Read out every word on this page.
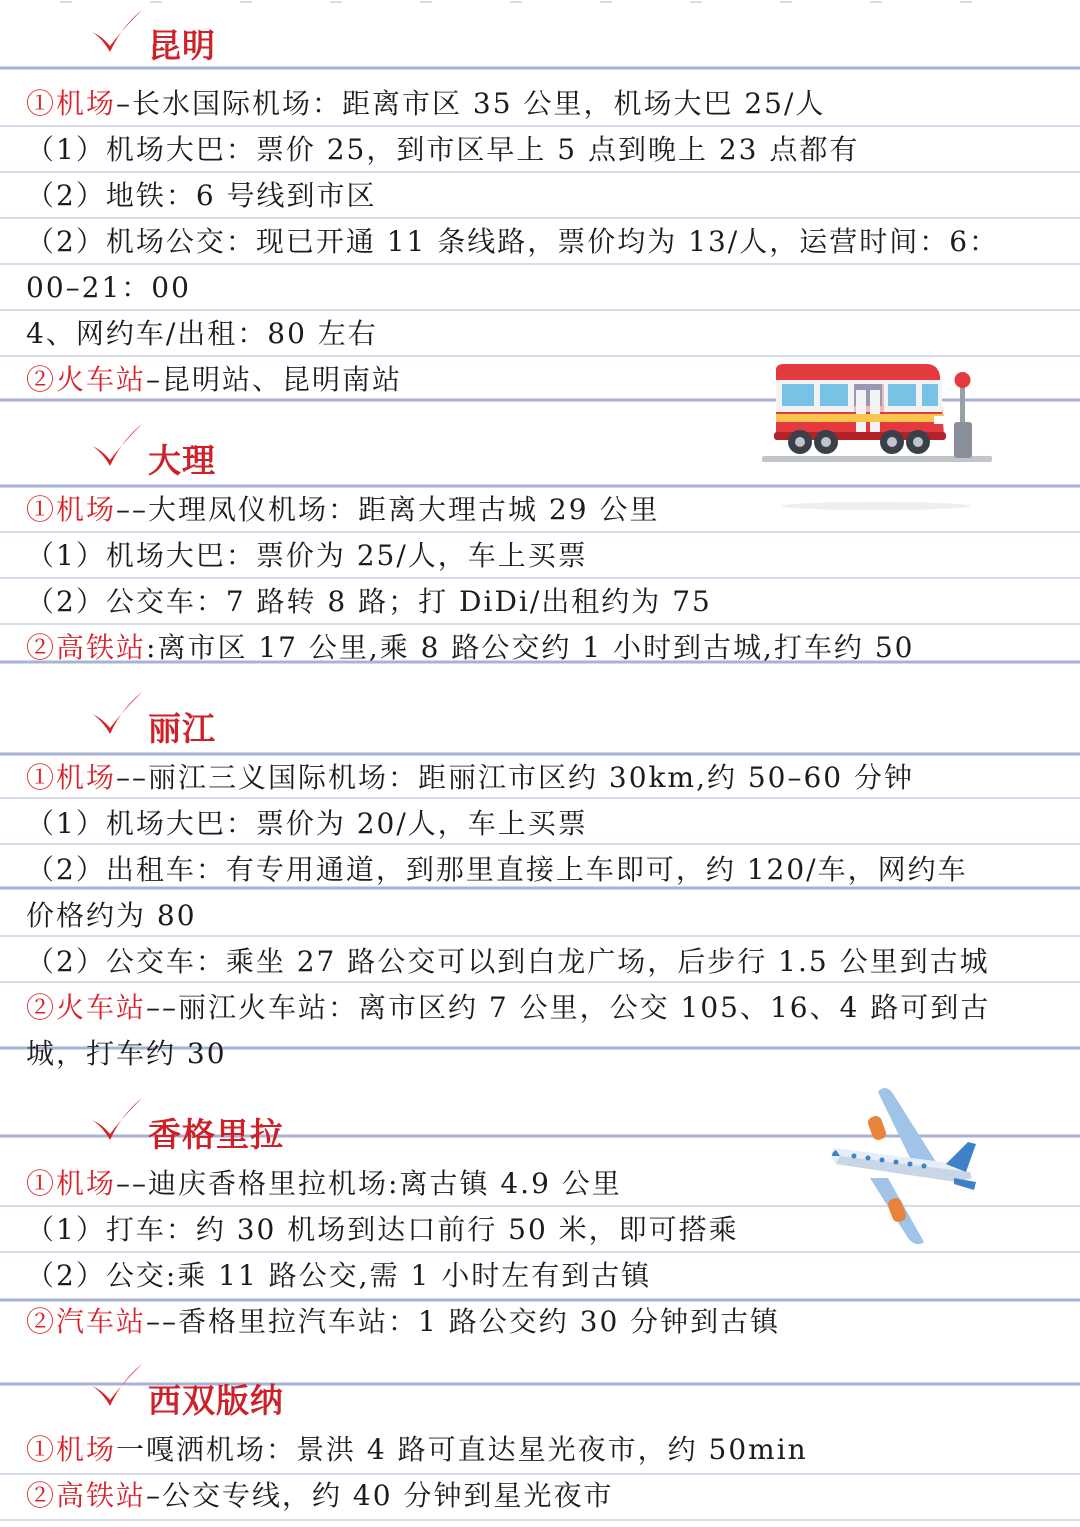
昆明
①机场–长水国际机场：距离市区 35 公里，机场大巴 25/人
（1）机场大巴：票价 25，到市区早上 5 点到晚上 23 点都有
（2）地铁：6 号线到市区
（2）机场公交：现已开通 11 条线路，票价均为 13/人，运营时间：6：
00–21：00
4、网约车/出租：80 左右
②火车站–昆明站、昆明南站
大理
①机场––大理凤仪机场：距离大理古城 29 公里
（1）机场大巴：票价为 25/人，车上买票
（2）公交车：7 路转 8 路；打 DiDi/出租约为 75
②高铁站:离市区 17 公里,乘 8 路公交约 1 小时到古城,打车约 50
丽江
①机场––丽江三义国际机场：距丽江市区约 30km,约 50–60 分钟
（1）机场大巴：票价为 20/人，车上买票
（2）出租车：有专用通道，到那里直接上车即可，约 120/车，网约车
价格约为 80
（2）公交车：乘坐 27 路公交可以到白龙广场，后步行 1.5 公里到古城
②火车站––丽江火车站：离市区约 7 公里，公交 105、16、4 路可到古
城，打车约 30
香格里拉
①机场––迪庆香格里拉机场:离古镇 4.9 公里
（1）打车：约 30 机场到达口前行 50 米，即可搭乘
（2）公交:乘 11 路公交,需 1 小时左有到古镇
②汽车站––香格里拉汽车站：1 路公交约 30 分钟到古镇
西双版纳
①机场一嘎洒机场：景洪 4 路可直达星光夜市，约 50min
②高铁站–公交专线，约 40 分钟到星光夜市
